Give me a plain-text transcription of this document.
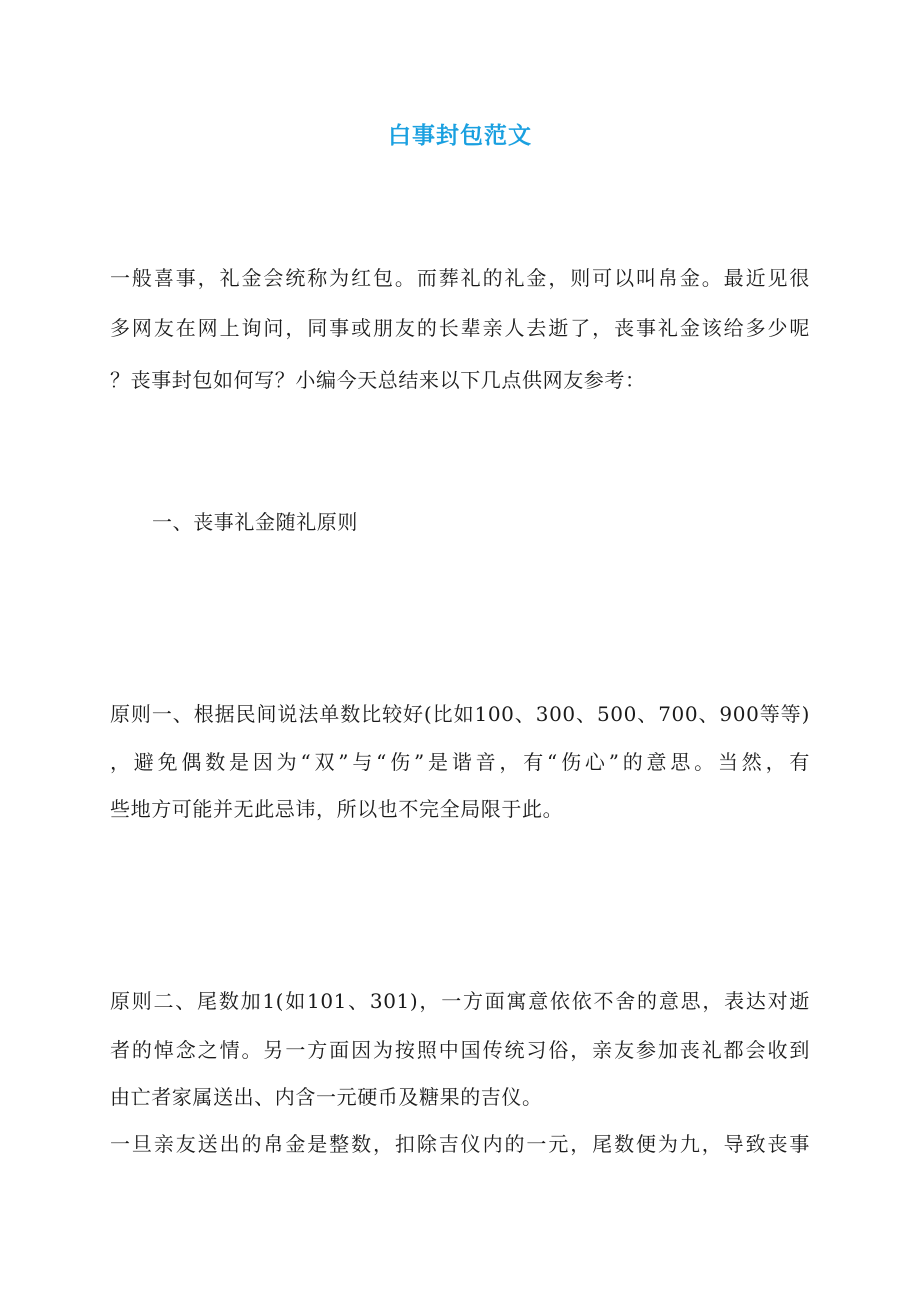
白事封包范文
一般喜事，礼金会统称为红包。而葬礼的礼金，则可以叫帛金。最近见很
多网友在网上询问，同事或朋友的长辈亲人去逝了，丧事礼金该给多少呢
？丧事封包如何写？小编今天总结来以下几点供网友参考：
一、丧事礼金随礼原则
原则一、根据民间说法单数比较好(比如100、300、500、700、900等等)
，避免偶数是因为“双”与“伤”是谐音，有“伤心”的意思。当然，有
些地方可能并无此忌讳，所以也不完全局限于此。
原则二、尾数加1(如101、301)，一方面寓意依依不舍的意思，表达对逝
者的悼念之情。另一方面因为按照中国传统习俗，亲友参加丧礼都会收到
由亡者家属送出、内含一元硬币及糖果的吉仪。
一旦亲友送出的帛金是整数，扣除吉仪内的一元，尾数便为九，导致丧事
